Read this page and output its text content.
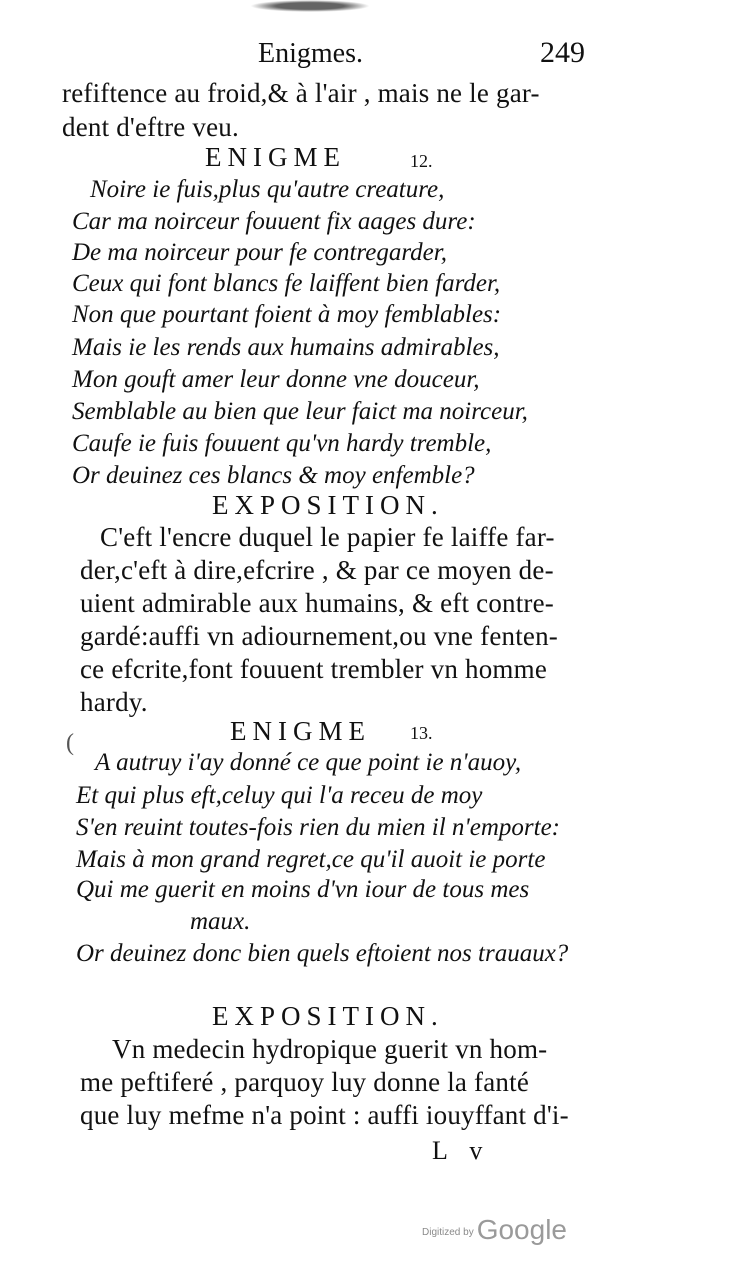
Enigmes.	249
refiftence au froid,& à l'air , mais ne le gar-
dent d'eftre veu.
ENIGME	12.
Noire ie fuis,plus qu'autre creature,
Car ma noirceur fouuent fix aages dure:
De ma noirceur pour fe contregarder,
Ceux qui font blancs fe laiffent bien farder,
Non que pourtant foient à moy femblables:
Mais ie les rends aux humains admirables,
Mon gouft amer leur donne vne douceur,
Semblable au bien que leur faict ma noirceur,
Caufe ie fuis fouuent qu'vn hardy tremble,
Or deuinez ces blancs & moy enfemble?
EXPOSITION.
C'eft l'encre duquel le papier fe laiffe far-
der,c'eft à dire,efcrire , & par ce moyen de-
uient admirable aux humains, & eft contre-
gardé:auffi vn adiournement,ou vne fenten-
ce efcrite,font fouuent trembler vn homme
hardy.
(	ENIGME 13.
A autruy i'ay donné ce que point ie n'auoy,
Et qui plus eft,celuy qui l'a receu de moy
S'en reuint toutes-fois rien du mien il n'emporte:
Mais à mon grand regret,ce qu'il auoit ie porte
Qui me guerit en moins d'vn iour de tous mes
maux.
Or deuinez donc bien quels eftoient nos trauaux?
EXPOSITION.
Vn medecin hydropique guerit vn hom-
me peftiferé , parquoy luy donne la fanté
que luy mefme n'a point : auffi iouyffant d'i-
L v
$^{Digitized by}$ Google
